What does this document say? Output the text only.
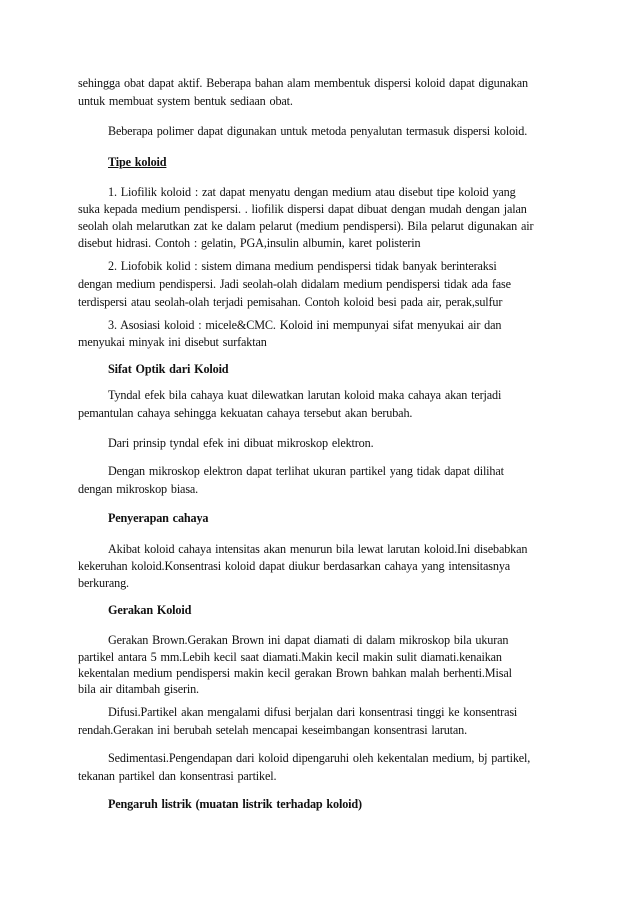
sehingga obat dapat aktif. Beberapa bahan alam membentuk dispersi koloid dapat digunakan
untuk membuat system bentuk sediaan obat.
Beberapa polimer dapat digunakan untuk metoda penyalutan termasuk dispersi koloid.
Tipe koloid
1. Liofilik koloid : zat dapat menyatu dengan medium atau disebut tipe koloid yang
suka kepada medium pendispersi. . liofilik dispersi dapat dibuat dengan mudah dengan jalan
seolah olah melarutkan zat ke dalam pelarut (medium pendispersi). Bila pelarut digunakan air
disebut hidrasi. Contoh : gelatin, PGA,insulin albumin, karet polisterin
2. Liofobik kolid : sistem dimana medium pendispersi tidak banyak berinteraksi
dengan medium pendispersi. Jadi seolah-olah didalam medium pendispersi tidak ada fase
terdispersi atau seolah-olah terjadi pemisahan. Contoh koloid besi pada air, perak,sulfur
3. Asosiasi koloid : micele&CMC. Koloid ini mempunyai sifat menyukai air dan
menyukai minyak ini disebut surfaktan
Sifat Optik dari Koloid
Tyndal efek bila cahaya kuat dilewatkan larutan koloid maka cahaya akan terjadi
pemantulan cahaya sehingga kekuatan cahaya tersebut akan berubah.
Dari prinsip tyndal efek ini dibuat mikroskop elektron.
Dengan mikroskop elektron dapat terlihat ukuran partikel yang tidak dapat dilihat
dengan mikroskop biasa.
Penyerapan cahaya
Akibat koloid cahaya intensitas akan menurun bila lewat larutan koloid.Ini disebabkan
kekeruhan koloid.Konsentrasi koloid dapat diukur berdasarkan cahaya yang intensitasnya
berkurang.
Gerakan Koloid
Gerakan Brown.Gerakan Brown ini dapat diamati di dalam mikroskop bila ukuran
partikel antara 5 mm.Lebih kecil saat diamati.Makin kecil makin sulit diamati.kenaikan
kekentalan medium pendispersi makin kecil gerakan Brown bahkan malah berhenti.Misal
bila air ditambah giserin.
Difusi.Partikel akan mengalami difusi berjalan dari konsentrasi tinggi ke konsentrasi
rendah.Gerakan ini berubah setelah mencapai keseimbangan konsentrasi larutan.
Sedimentasi.Pengendapan dari koloid dipengaruhi oleh kekentalan medium, bj partikel,
tekanan partikel dan konsentrasi partikel.
Pengaruh listrik (muatan listrik terhadap koloid)
